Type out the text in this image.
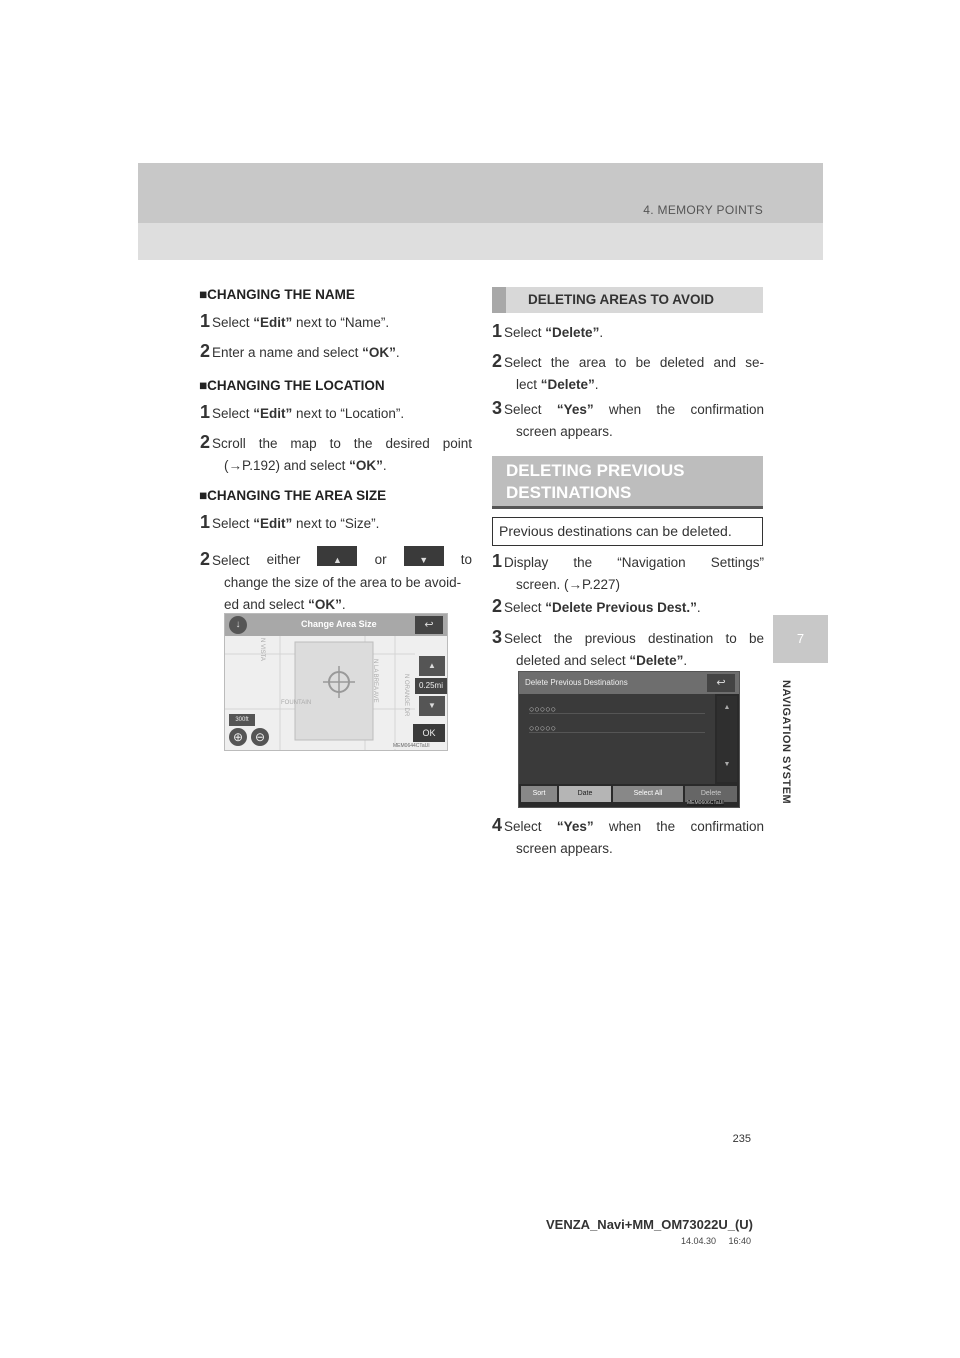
4. MEMORY POINTS
7
NAVIGATION SYSTEM
■CHANGING THE NAME
1 Select “Edit” next to “Name”.
2 Enter a name and select “OK”.
■CHANGING THE LOCATION
1 Select “Edit” next to “Location”.
2 Scroll the map to the desired point
(→P.192) and select “OK”.
■CHANGING THE AREA SIZE
1 Select “Edit” next to “Size”.
2 Select either	▲	or	▼	to
change the size of the area to be avoid-
ed and select “OK”.
N VISTA
FOUNTAIN
N LA BREA AVE	N ORANGE DR
↓	Change Area Size	↩
▲
0.25mi
▼
300ft
⊕ ⊖	OK
MEM0644CTaUI
DELETING AREAS TO AVOID
1 Select “Delete”.
2 Select the area to be deleted and se-
lect “Delete”.
3 Select “Yes” when the confirmation
screen appears.
DELETING PREVIOUS
DESTINATIONS
Previous destinations can be deleted.
1 Display the “Navigation Settings”
screen. (→P.227)
2 Select “Delete Previous Dest.”.
3 Select the previous destination to be
deleted and select “Delete”.
Delete Previous Destinations	↩
○○○○○
○○○○○
▲
▼
Sort	Date	Select All	Delete
MEM0606CTaUI
4 Select “Yes” when the confirmation
screen appears.
235
VENZA_Navi+MM_OM73022U_(U)
14.04.30     16:40
